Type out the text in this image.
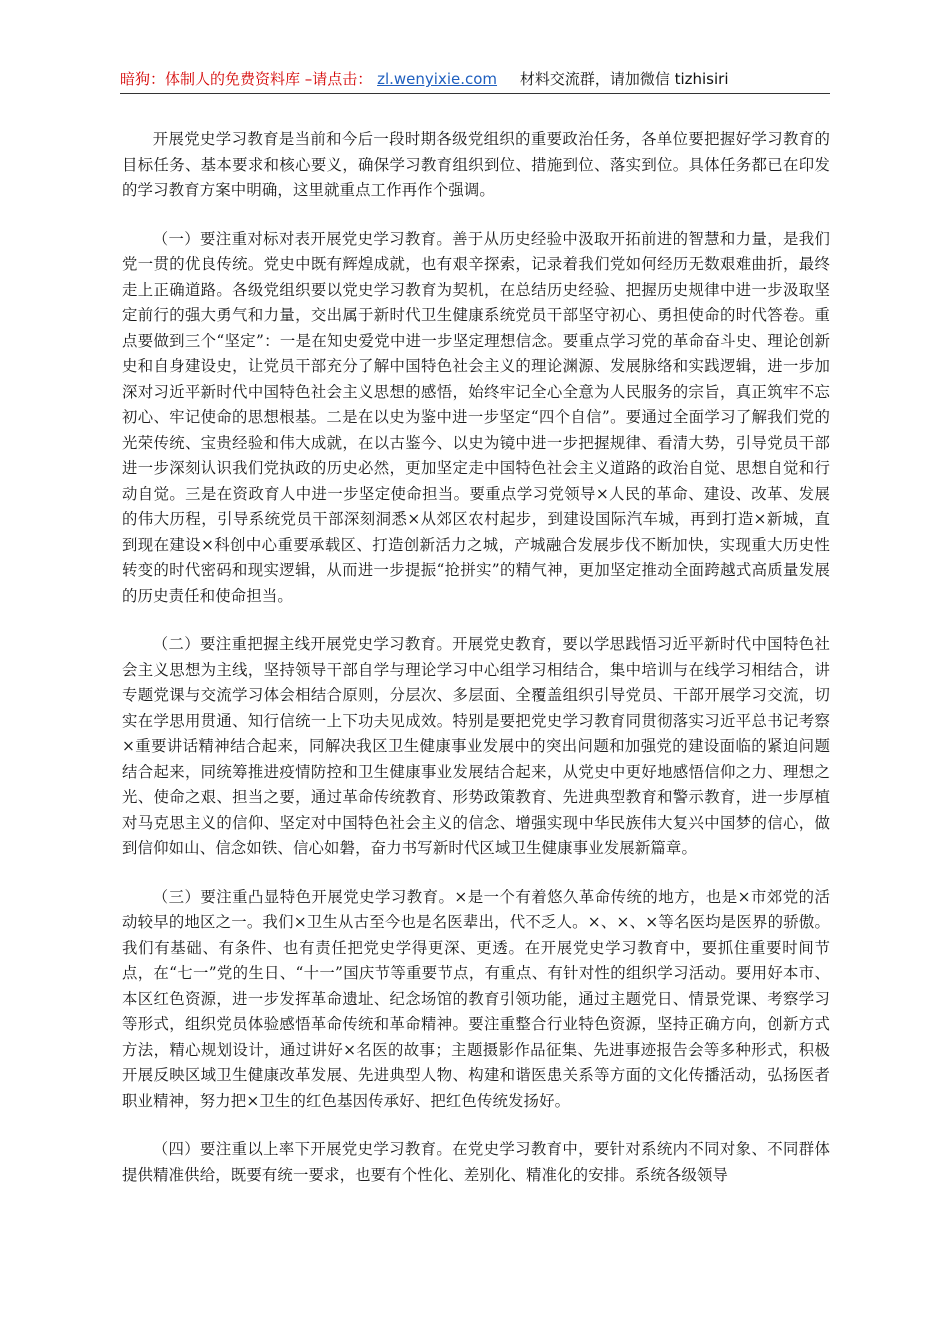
暗狗：体制人的免费资料库 –请点击： zl.wenyixie.com 材料交流群，请加微信 tizhisiri

开展党史学习教育是当前和今后一段时期各级党组织的重要政治任务，各单位要把握好学习教育的目标任务、基本要求和核心要义，确保学习教育组织到位、措施到位、落实到位。具体任务都已在印发的学习教育方案中明确，这里就重点工作再作个强调。

（一）要注重对标对表开展党史学习教育。善于从历史经验中汲取开拓前进的智慧和力量，是我们党一贯的优良传统。党史中既有辉煌成就，也有艰辛探索，记录着我们党如何经历无数艰难曲折，最终走上正确道路。各级党组织要以党史学习教育为契机，在总结历史经验、把握历史规律中进一步汲取坚定前行的强大勇气和力量，交出属于新时代卫生健康系统党员干部坚守初心、勇担使命的时代答卷。重点要做到三个“坚定”：一是在知史爱党中进一步坚定理想信念。要重点学习党的革命奋斗史、理论创新史和自身建设史，让党员干部充分了解中国特色社会主义的理论渊源、发展脉络和实践逻辑，进一步加深对习近平新时代中国特色社会主义思想的感悟，始终牢记全心全意为人民服务的宗旨，真正筑牢不忘初心、牢记使命的思想根基。二是在以史为鉴中进一步坚定“四个自信”。要通过全面学习了解我们党的光荣传统、宝贵经验和伟大成就，在以古鉴今、以史为镜中进一步把握规律、看清大势，引导党员干部进一步深刻认识我们党执政的历史必然，更加坚定走中国特色社会主义道路的政治自觉、思想自觉和行动自觉。三是在资政育人中进一步坚定使命担当。要重点学习党领导×人民的革命、建设、改革、发展的伟大历程，引导系统党员干部深刻洞悉×从郊区农村起步，到建设国际汽车城，再到打造×新城，直到现在建设×科创中心重要承载区、打造创新活力之城，产城融合发展步伐不断加快，实现重大历史性转变的时代密码和现实逻辑，从而进一步提振“抢拼实”的精气神，更加坚定推动全面跨越式高质量发展的历史责任和使命担当。

（二）要注重把握主线开展党史学习教育。开展党史教育，要以学思践悟习近平新时代中国特色社会主义思想为主线，坚持领导干部自学与理论学习中心组学习相结合，集中培训与在线学习相结合，讲专题党课与交流学习体会相结合原则，分层次、多层面、全覆盖组织引导党员、干部开展学习交流，切实在学思用贯通、知行信统一上下功夫见成效。特别是要把党史学习教育同贯彻落实习近平总书记考察×重要讲话精神结合起来，同解决我区卫生健康事业发展中的突出问题和加强党的建设面临的紧迫问题结合起来，同统筹推进疫情防控和卫生健康事业发展结合起来，从党史中更好地感悟信仰之力、理想之光、使命之艰、担当之要，通过革命传统教育、形势政策教育、先进典型教育和警示教育，进一步厚植对马克思主义的信仰、坚定对中国特色社会主义的信念、增强实现中华民族伟大复兴中国梦的信心，做到信仰如山、信念如铁、信心如磐，奋力书写新时代区域卫生健康事业发展新篇章。

（三）要注重凸显特色开展党史学习教育。×是一个有着悠久革命传统的地方，也是×市郊党的活动较早的地区之一。我们×卫生从古至今也是名医辈出，代不乏人。×、×、×等名医均是医界的骄傲。我们有基础、有条件、也有责任把党史学得更深、更透。在开展党史学习教育中，要抓住重要时间节点，在“七一”党的生日、“十一”国庆节等重要节点，有重点、有针对性的组织学习活动。要用好本市、本区红色资源，进一步发挥革命遗址、纪念场馆的教育引领功能，通过主题党日、情景党课、考察学习等形式，组织党员体验感悟革命传统和革命精神。要注重整合行业特色资源，坚持正确方向，创新方式方法，精心规划设计，通过讲好×名医的故事；主题摄影作品征集、先进事迹报告会等多种形式，积极开展反映区域卫生健康改革发展、先进典型人物、构建和谐医患关系等方面的文化传播活动，弘扬医者职业精神，努力把×卫生的红色基因传承好、把红色传统发扬好。

（四）要注重以上率下开展党史学习教育。在党史学习教育中，要针对系统内不同对象、不同群体提供精准供给，既要有统一要求，也要有个性化、差别化、精准化的安排。系统各级领导
